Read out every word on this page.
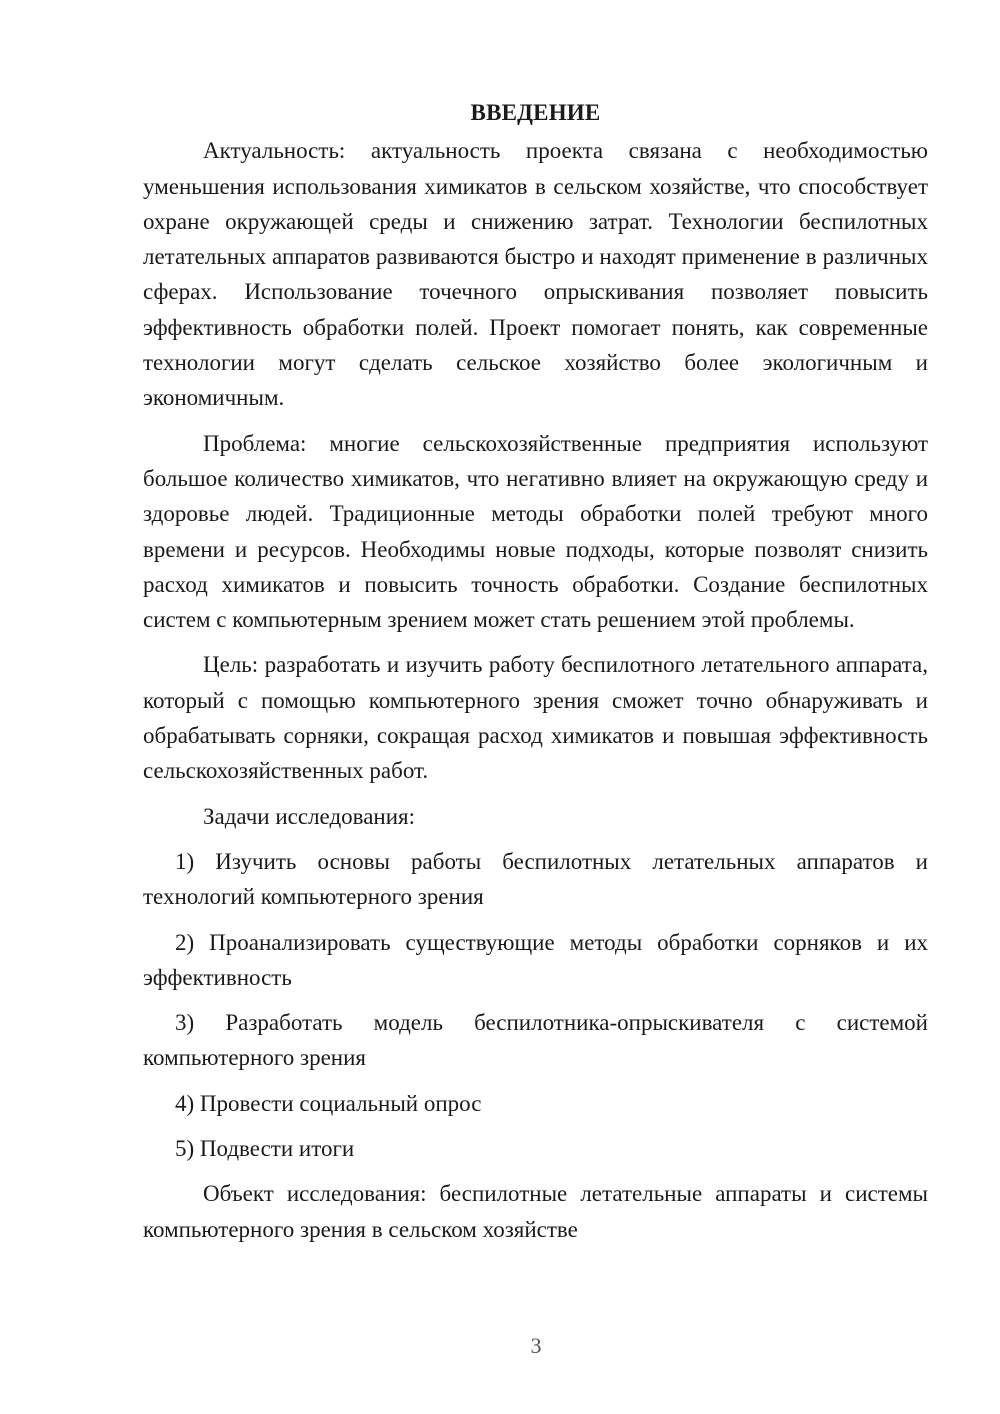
ВВЕДЕНИЕ

Актуальность: актуальность проекта связана с необходимостью уменьшения использования химикатов в сельском хозяйстве, что способствует охране окружающей среды и снижению затрат. Технологии беспилотных летательных аппаратов развиваются быстро и находят применение в различных сферах. Использование точечного опрыскивания позволяет повысить эффективность обработки полей. Проект помогает понять, как современные технологии могут сделать сельское хозяйство более экологичным и экономичным.

Проблема: многие сельскохозяйственные предприятия используют большое количество химикатов, что негативно влияет на окружающую среду и здоровье людей. Традиционные методы обработки полей требуют много времени и ресурсов. Необходимы новые подходы, которые позволят снизить расход химикатов и повысить точность обработки. Создание беспилотных систем с компьютерным зрением может стать решением этой проблемы.

Цель: разработать и изучить работу беспилотного летательного аппарата, который с помощью компьютерного зрения сможет точно обнаруживать и обрабатывать сорняки, сокращая расход химикатов и повышая эффективность сельскохозяйственных работ.

Задачи исследования:

1) Изучить основы работы беспилотных летательных аппаратов и технологий компьютерного зрения

2) Проанализировать существующие методы обработки сорняков и их эффективность

3) Разработать модель беспилотника-опрыскивателя с системой компьютерного зрения

4) Провести социальный опрос

5) Подвести итоги

Объект исследования: беспилотные летательные аппараты и системы компьютерного зрения в сельском хозяйстве

3
